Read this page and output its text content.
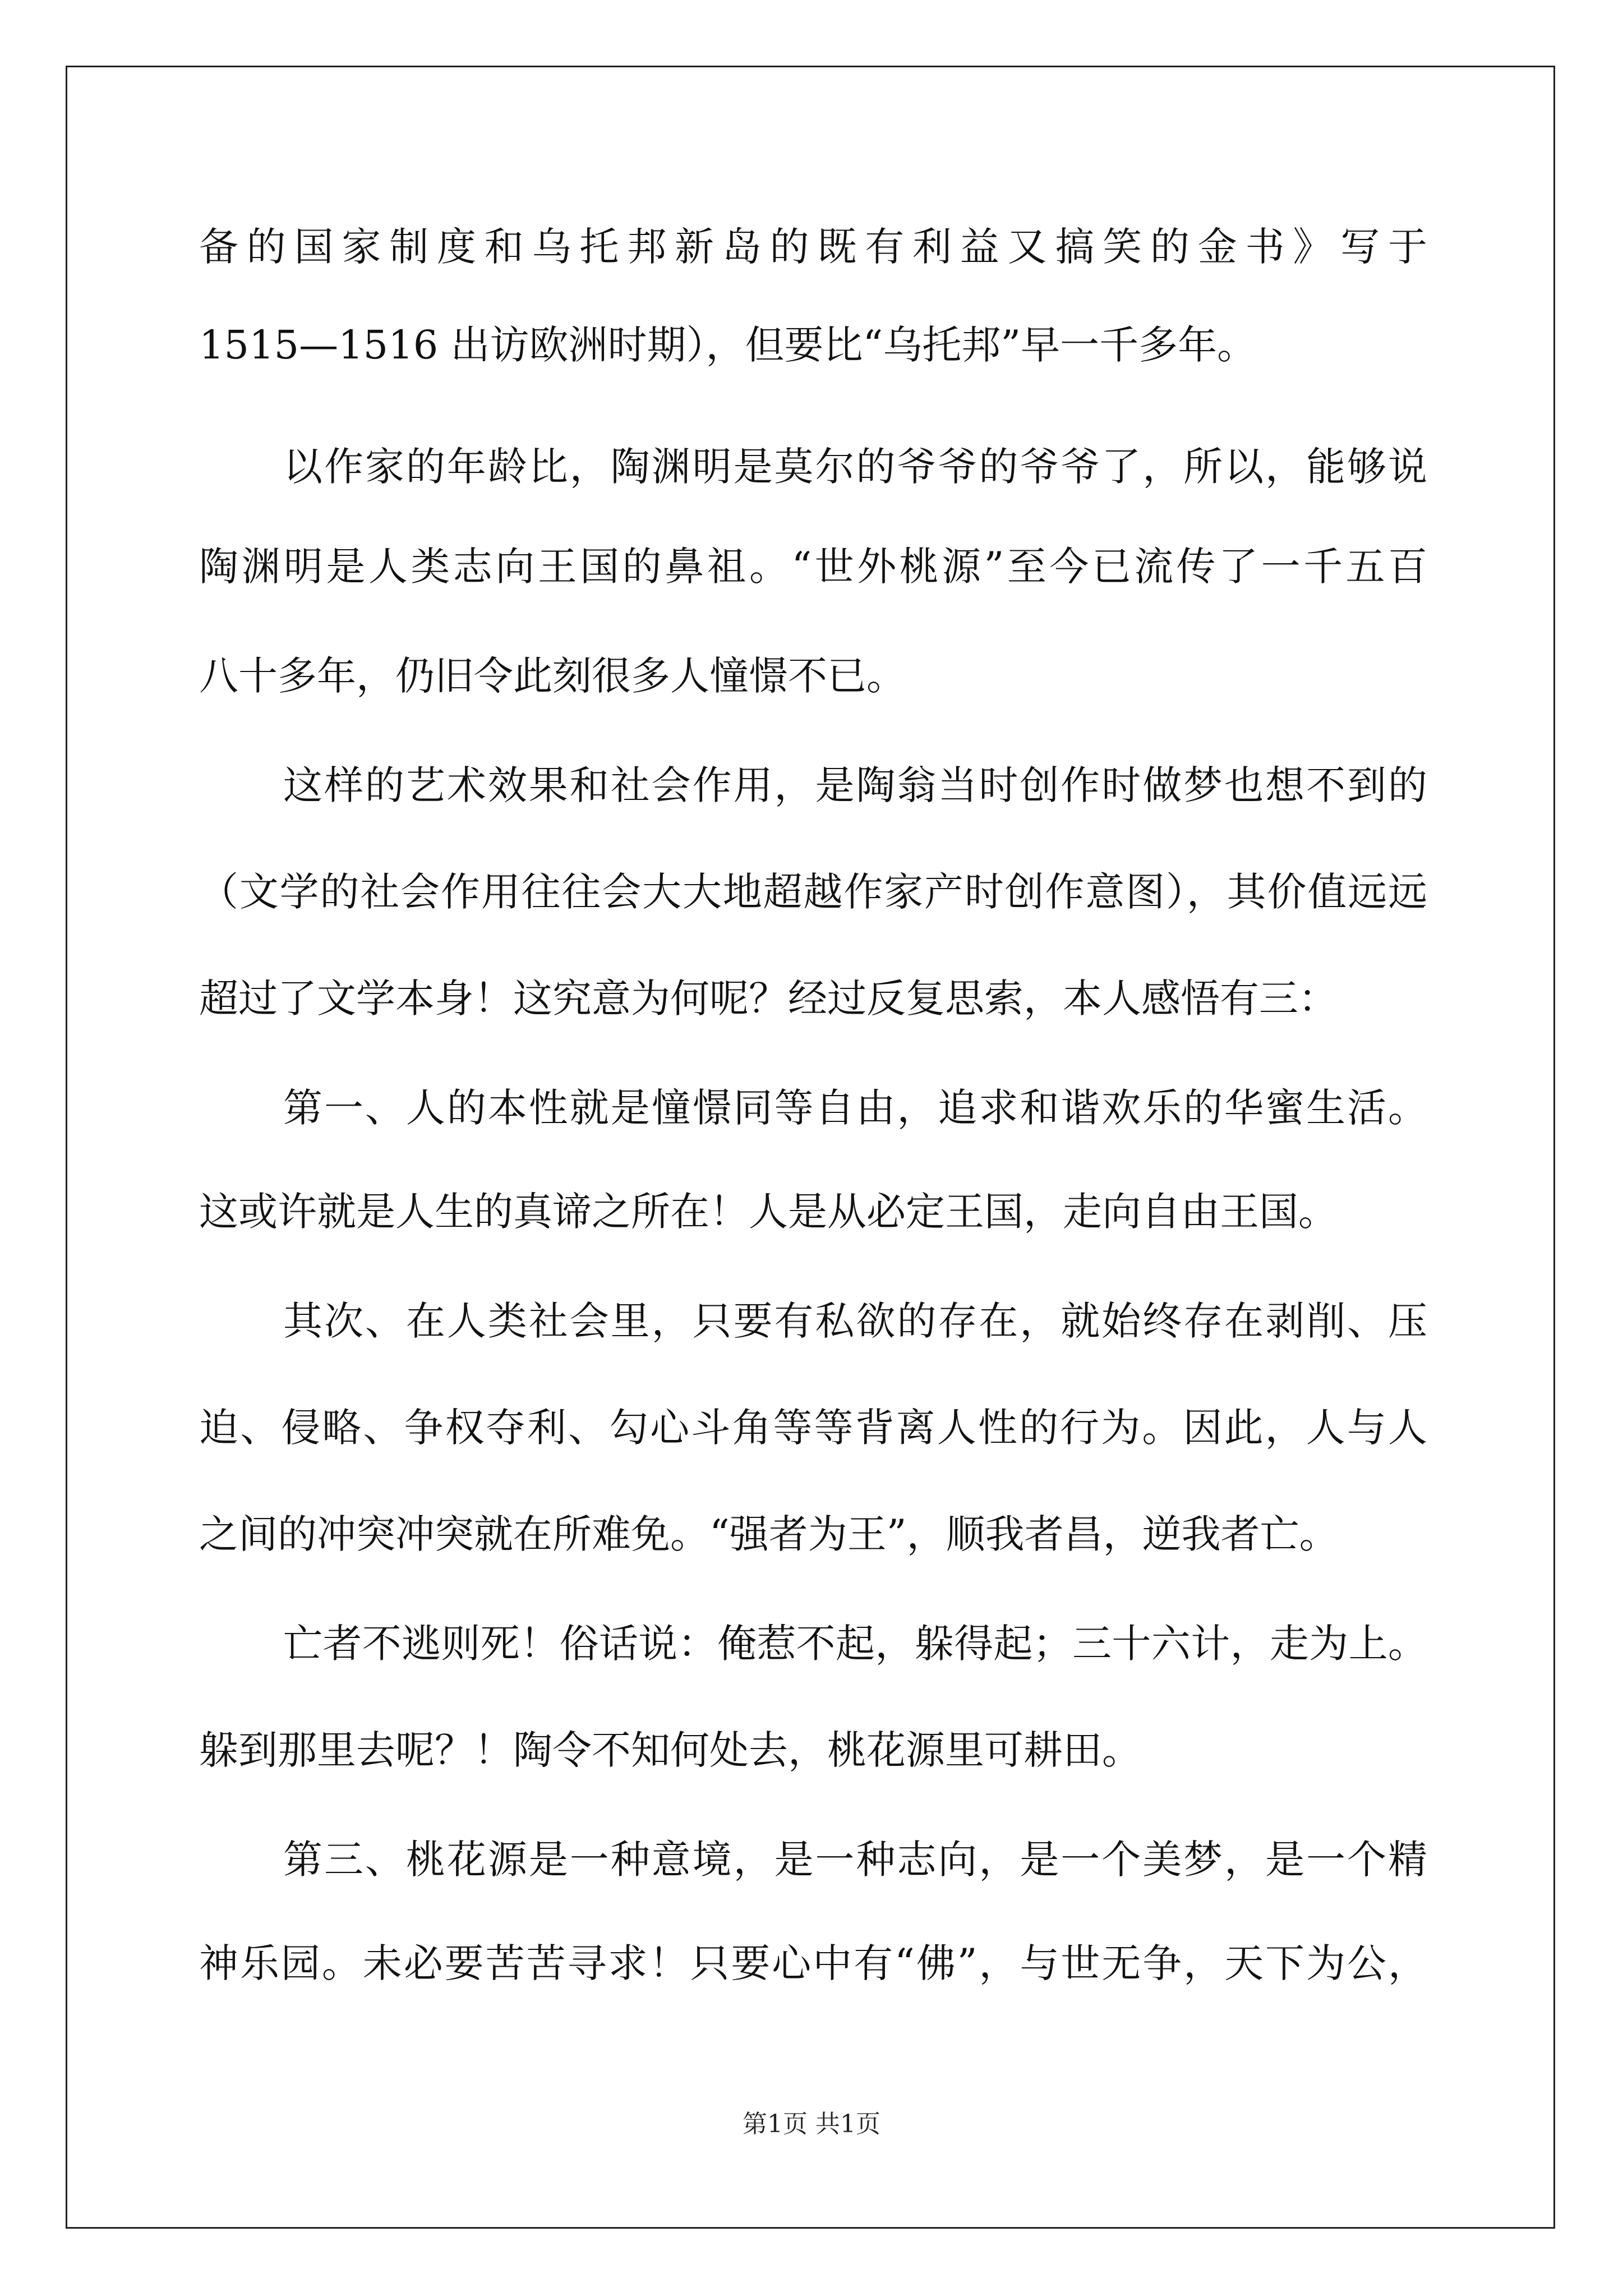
备的国家制度和乌托邦新岛的既有利益又搞笑的金书》写于

1515—1516 出访欧洲时期），但要比“乌托邦”早一千多年。

以作家的年龄比，陶渊明是莫尔的爷爷的爷爷了，所以，能够说

陶渊明是人类志向王国的鼻祖。“世外桃源”至今已流传了一千五百

八十多年，仍旧令此刻很多人憧憬不已。

这样的艺术效果和社会作用，是陶翁当时创作时做梦也想不到的

（文学的社会作用往往会大大地超越作家产时创作意图），其价值远远

超过了文学本身！这究意为何呢？经过反复思索，本人感悟有三：

第一、人的本性就是憧憬同等自由，追求和谐欢乐的华蜜生活。

这或许就是人生的真谛之所在！人是从必定王国，走向自由王国。

其次、在人类社会里，只要有私欲的存在，就始终存在剥削、压

迫、侵略、争权夺利、勾心斗角等等背离人性的行为。因此，人与人

之间的冲突冲突就在所难免。“强者为王”，顺我者昌，逆我者亡。

亡者不逃则死！俗话说：俺惹不起，躲得起；三十六计，走为上。

躲到那里去呢？！陶令不知何处去，桃花源里可耕田。

第三、桃花源是一种意境，是一种志向，是一个美梦，是一个精

神乐园。未必要苦苦寻求！只要心中有“佛”，与世无争，天下为公，

第1页 共1页
